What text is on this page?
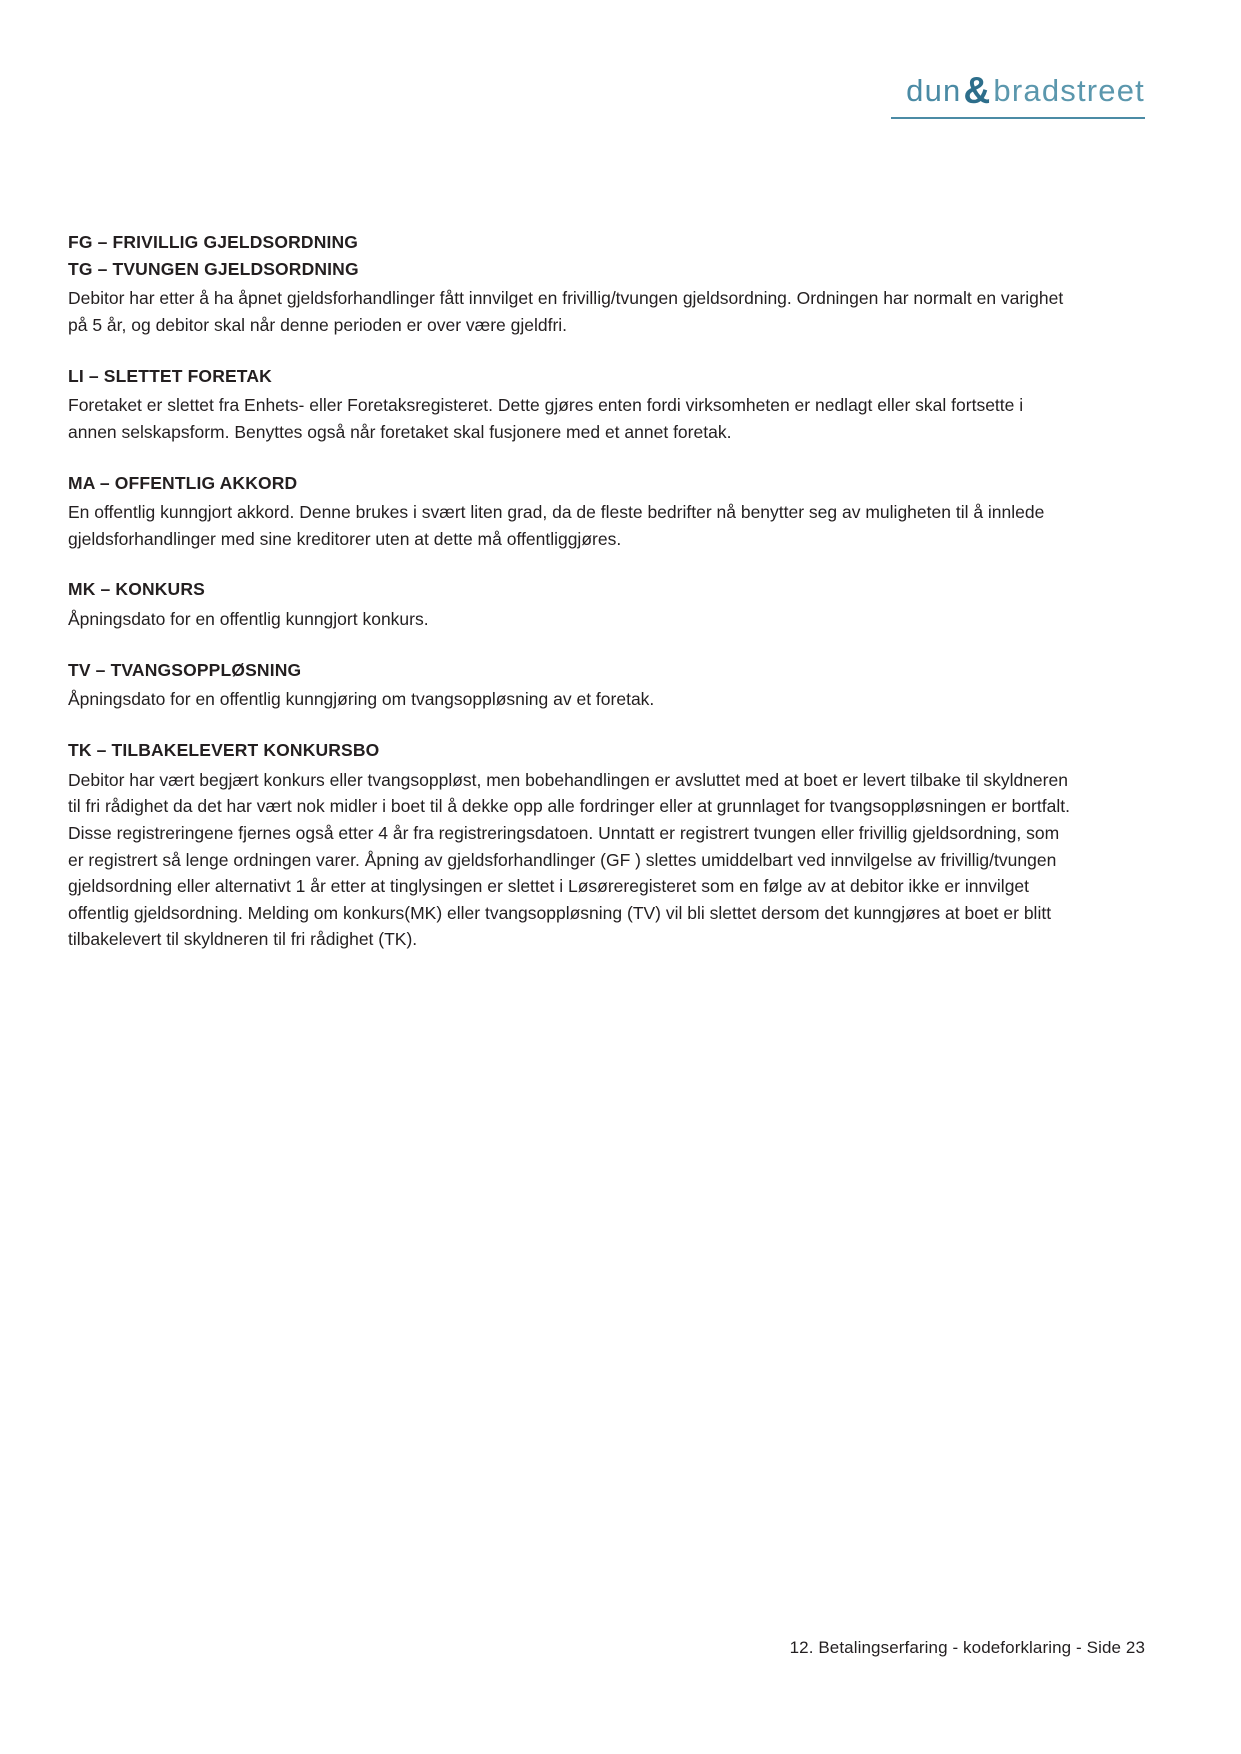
dun & bradstreet
FG – FRIVILLIG GJELDSORDNING
TG – TVUNGEN GJELDSORDNING

Debitor har etter å ha åpnet gjeldsforhandlinger fått innvilget en frivillig/tvungen gjeldsordning. Ordningen har normalt en varighet på 5 år, og debitor skal når denne perioden er over være gjeldfri.

LI – SLETTET FORETAK

Foretaket er slettet fra Enhets- eller Foretaksregisteret. Dette gjøres enten fordi virksomheten er nedlagt eller skal fortsette i annen selskapsform. Benyttes også når foretaket skal fusjonere med et annet foretak.

MA – OFFENTLIG AKKORD

En offentlig kunngjort akkord. Denne brukes i svært liten grad, da de fleste bedrifter nå benytter seg av muligheten til å innlede gjeldsforhandlinger med sine kreditorer uten at dette må offentliggjøres.

MK – KONKURS

Åpningsdato for en offentlig kunngjort konkurs.

TV – TVANGSOPPLØSNING

Åpningsdato for en offentlig kunngjøring om tvangsoppløsning av et foretak.

TK – TILBAKELEVERT KONKURSBO

Debitor har vært begjært konkurs eller tvangsoppløst, men bobehandlingen er avsluttet med at boet er levert tilbake til skyldneren til fri rådighet da det har vært nok midler i boet til å dekke opp alle fordringer eller at grunnlaget for tvangsoppløsningen er bortfalt. Disse registreringene fjernes også etter 4 år fra registreringsdatoen. Unntatt er registrert tvungen eller frivillig gjeldsordning, som er registrert så lenge ordningen varer. Åpning av gjeldsforhandlinger (GF ) slettes umiddelbart ved innvilgelse av frivillig/tvungen gjeldsordning eller alternativt 1 år etter at tinglysingen er slettet i Løsøreregisteret som en følge av at debitor ikke er innvilget offentlig gjeldsordning. Melding om konkurs(MK) eller tvangsoppløsning (TV) vil bli slettet dersom det kunngjøres at boet er blitt tilbakelevert til skyldneren til fri rådighet (TK).

12. Betalingserfaring - kodeforklaring - Side 23
